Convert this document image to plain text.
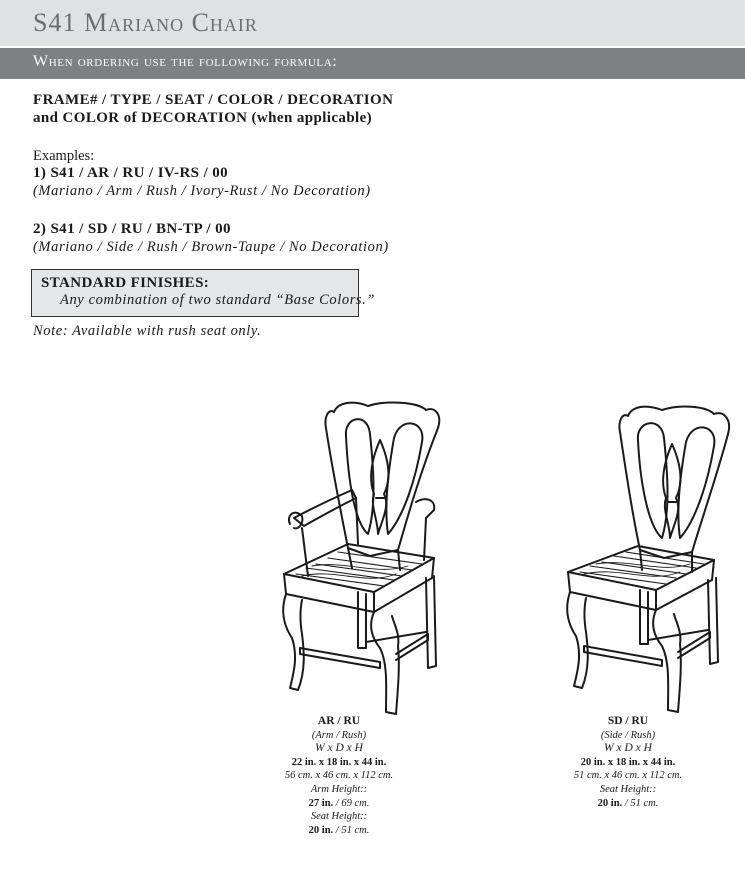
S41 Mariano Chair
When ordering use the following formula:
FRAME# / TYPE / SEAT / COLOR / DECORATION
and COLOR of DECORATION (when applicable)
Examples:
1) S41 / AR / RU / IV-RS / 00
(Mariano / Arm / Rush / Ivory-Rust / No Decoration)
2) S41 / SD / RU / BN-TP / 00
(Mariano / Side / Rush / Brown-Taupe / No Decoration)
STANDARD FINISHES:
Any combination of two standard “Base Colors.”
Note: Available with rush seat only.
AR / RU
(Arm / Rush)
W x D x H
22 in. x 18 in. x 44 in.
56 cm. x 46 cm. x 112 cm.
Arm Height::
27 in. / 69 cm.
Seat Height::
20 in. / 51 cm.
SD / RU
(Side / Rush)
W x D x H
20 in. x 18 in. x 44 in.
51 cm. x 46 cm. x 112 cm.
Seat Height::
20 in. / 51 cm.
